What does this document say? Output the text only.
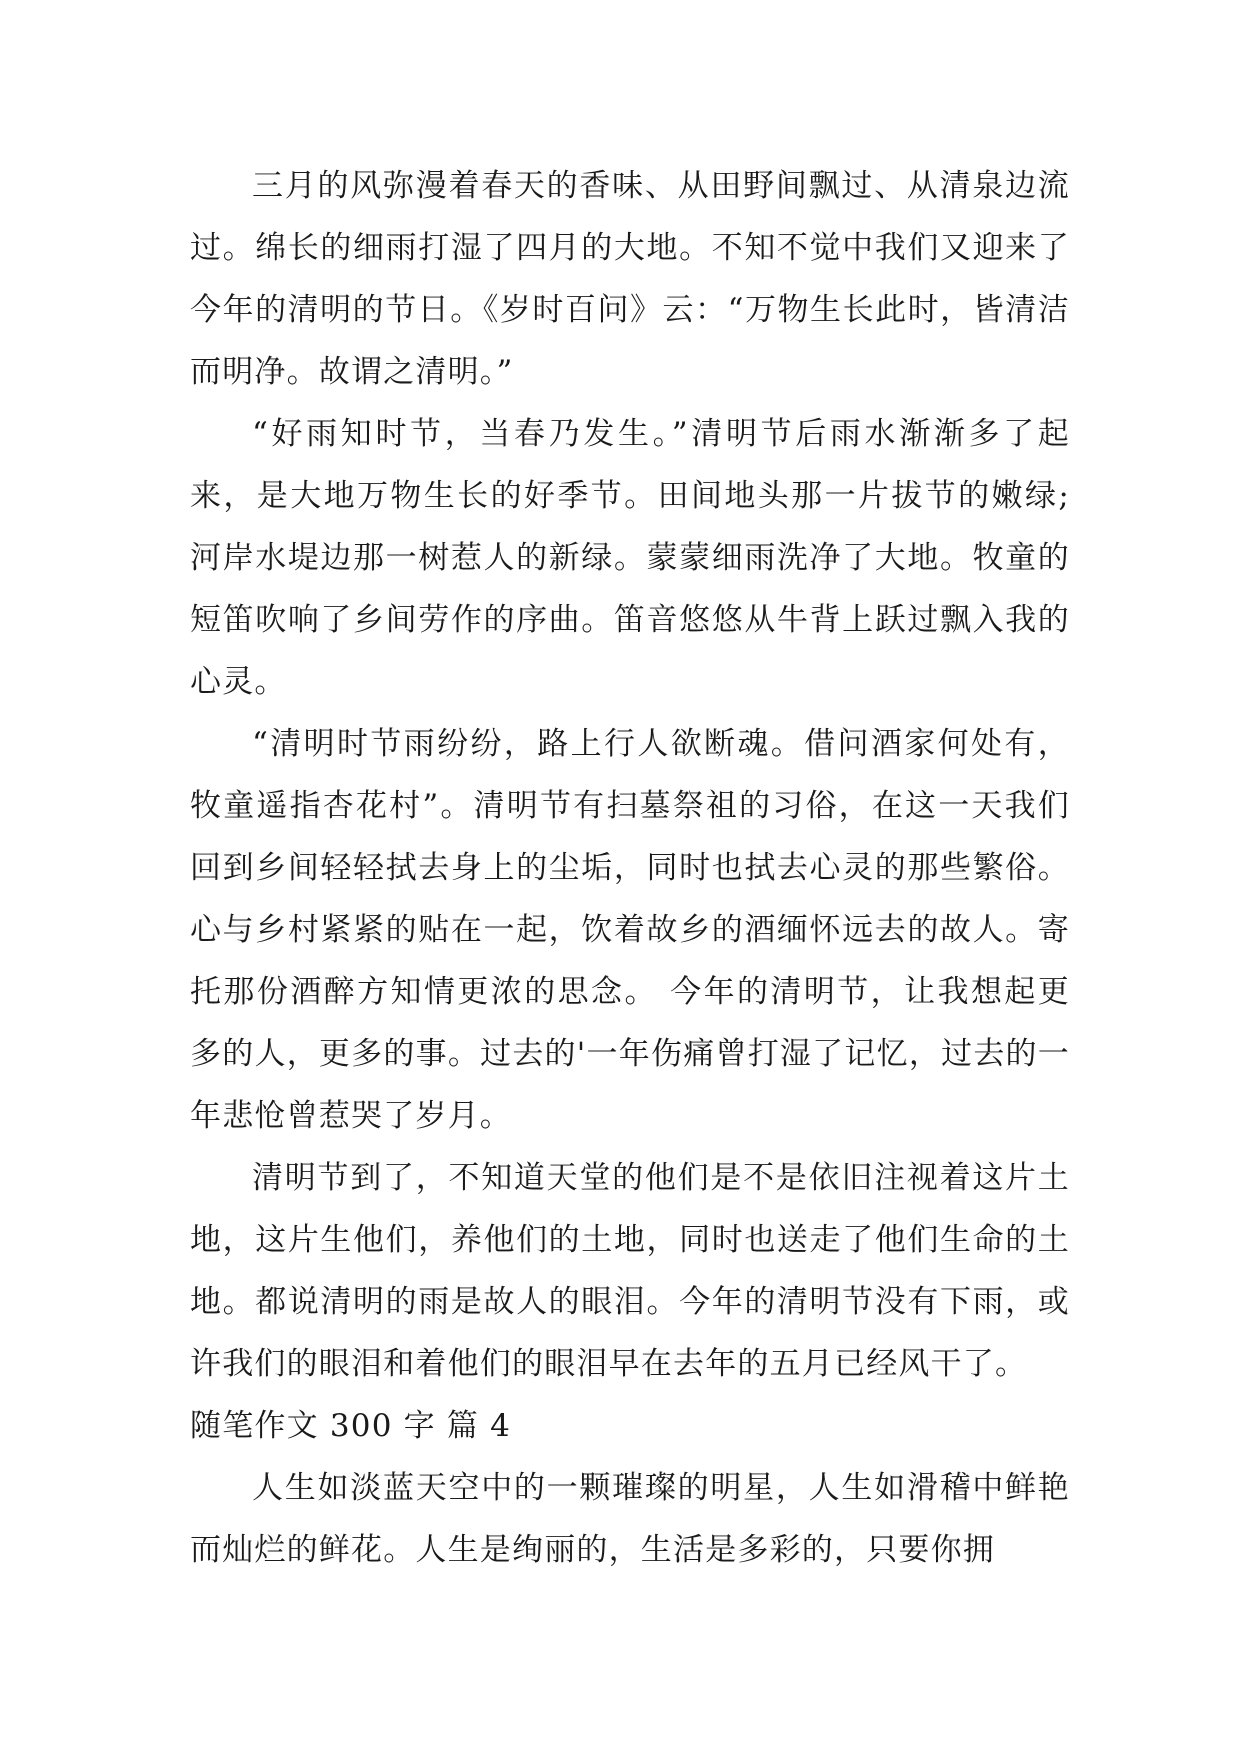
三月的风弥漫着春天的香味、从田野间飘过、从清泉边流过。绵长的细雨打湿了四月的大地。不知不觉中我们又迎来了今年的清明的节日。《岁时百问》云：“万物生长此时，皆清洁而明净。故谓之清明。”

“好雨知时节，当春乃发生。”清明节后雨水渐渐多了起来，是大地万物生长的好季节。田间地头那一片拔节的嫩绿;河岸水堤边那一树惹人的新绿。蒙蒙细雨洗净了大地。牧童的短笛吹响了乡间劳作的序曲。笛音悠悠从牛背上跃过飘入我的心灵。

“清明时节雨纷纷，路上行人欲断魂。借问酒家何处有，牧童遥指杏花村”。清明节有扫墓祭祖的习俗，在这一天我们回到乡间轻轻拭去身上的尘垢，同时也拭去心灵的那些繁俗。心与乡村紧紧的贴在一起，饮着故乡的酒缅怀远去的故人。寄托那份酒醉方知情更浓的思念。 今年的清明节，让我想起更多的人，更多的事。过去的'一年伤痛曾打湿了记忆，过去的一年悲怆曾惹哭了岁月。

清明节到了，不知道天堂的他们是不是依旧注视着这片土地，这片生他们，养他们的土地，同时也送走了他们生命的土地。都说清明的雨是故人的眼泪。今年的清明节没有下雨，或许我们的眼泪和着他们的眼泪早在去年的五月已经风干了。

随笔作文 300 字 篇 4

人生如淡蓝天空中的一颗璀璨的明星，人生如滑稽中鲜艳而灿烂的鲜花。人生是绚丽的，生活是多彩的，只要你拥
